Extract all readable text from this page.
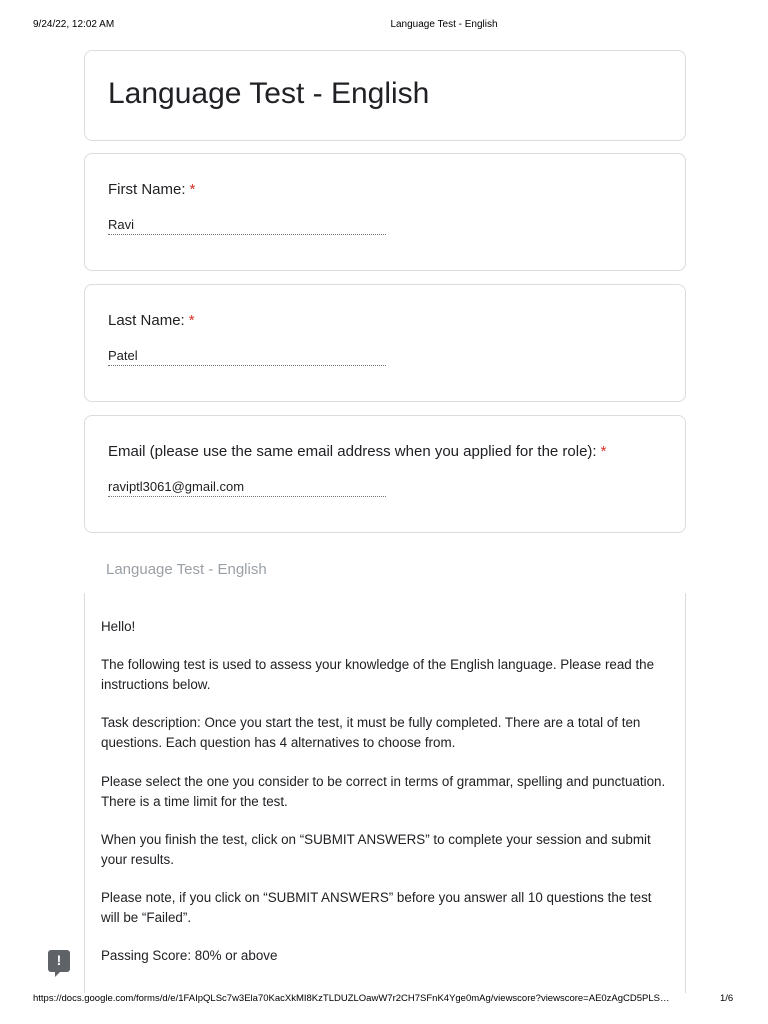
9/24/22, 12:02 AM	Language Test - English
Language Test - English
First Name: *
Ravi
Last Name: *
Patel
Email (please use the same email address when you applied for the role): *
raviptl3061@gmail.com
Language Test - English

Hello!

The following test is used to assess your knowledge of the English language. Please read the instructions below.

Task description: Once you start the test, it must be fully completed. There are a total of ten questions. Each question has 4 alternatives to choose from.

Please select the one you consider to be correct in terms of grammar, spelling and punctuation. There is a time limit for the test.

When you finish the test, click on “SUBMIT ANSWERS” to complete your session and submit your results.

Please note, if you click on “SUBMIT ANSWERS” before you answer all 10 questions the test will be “Failed”.

Passing Score: 80% or above

!
https://docs.google.com/forms/d/e/1FAIpQLSc7w3Ela70KacXkMI8KzTLDUZLOawW7r2CH7SFnK4Yge0mAg/viewscore?viewscore=AE0zAgCD5PLS…	1/6
